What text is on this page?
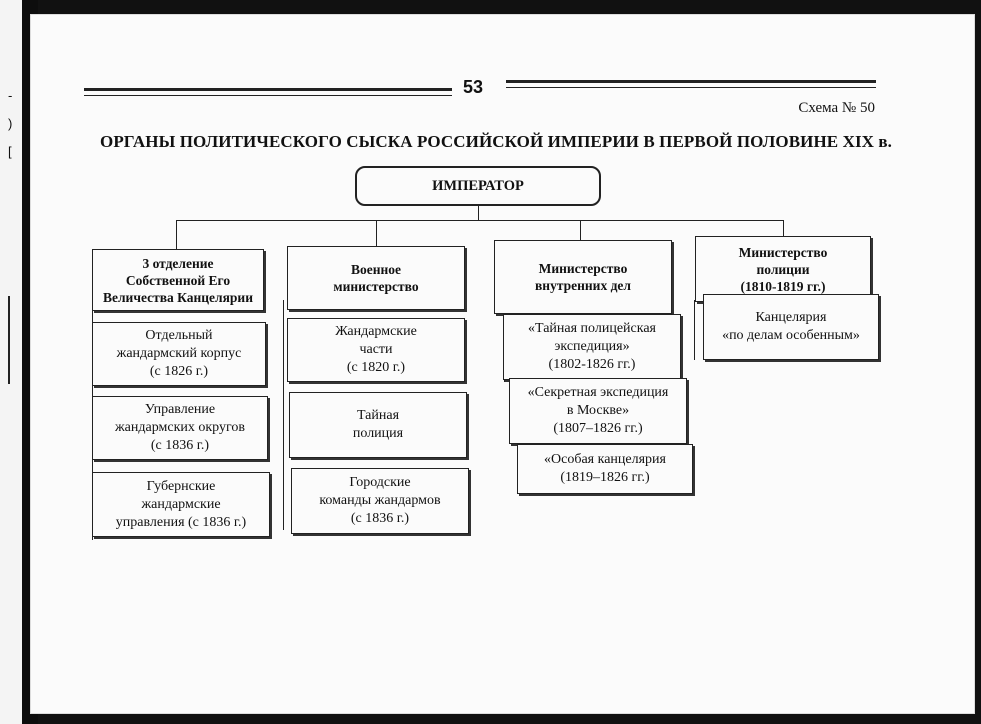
-
)
[
53
Схема № 50
ОРГАНЫ ПОЛИТИЧЕСКОГО СЫСКА РОССИЙСКОЙ ИМПЕРИИ В ПЕРВОЙ ПОЛОВИНЕ XIX в.
ИМПЕРАТОР
3 отделение
Собственной Его
Величества Канцелярии
Отдельный
жандармский корпус
(с 1826 г.)
Управление
жандармских округов
(с 1836 г.)
Губернские
жандармские
управления (с 1836 г.)
Военное
министерство
Жандармские
части
(с 1820 г.)
Тайная
полиция
Городские
команды жандармов
(с 1836 г.)
Министерство
внутренних дел
«Тайная полицейская
экспедиция»
(1802-1826 гг.)
«Секретная экспедиция
в Москве»
(1807–1826 гг.)
«Особая канцелярия
(1819–1826 гг.)
Министерство
полиции
(1810-1819 гг.)
Канцелярия
«по делам особенным»
